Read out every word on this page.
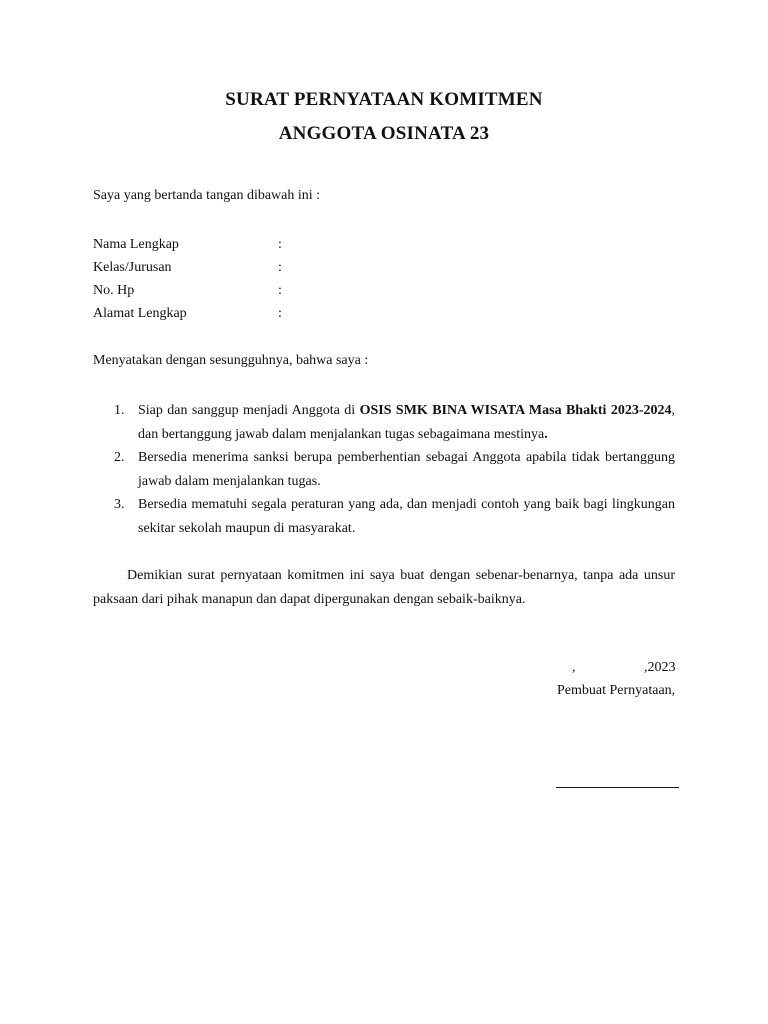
SURAT PERNYATAAN KOMITMEN
ANGGOTA OSINATA 23
Saya yang bertanda tangan dibawah ini :
Nama Lengkap	:
Kelas/Jurusan	:
No. Hp	:
Alamat Lengkap	:
Menyatakan dengan sesungguhnya, bahwa saya :
1. Siap dan sanggup menjadi Anggota di OSIS SMK BINA WISATA Masa Bhakti 2023-2024, dan bertanggung jawab dalam menjalankan tugas sebagaimana mestinya.
2. Bersedia menerima sanksi berupa pemberhentian sebagai Anggota apabila tidak bertanggung jawab dalam menjalankan tugas.
3. Bersedia mematuhi segala peraturan yang ada, dan menjadi contoh yang baik bagi lingkungan sekitar sekolah maupun di masyarakat.
Demikian surat pernyataan komitmen ini saya buat dengan sebenar-benarnya, tanpa ada unsur paksaan dari pihak manapun dan dapat dipergunakan dengan sebaik-baiknya.
,	,2023
Pembuat Pernyataan,
